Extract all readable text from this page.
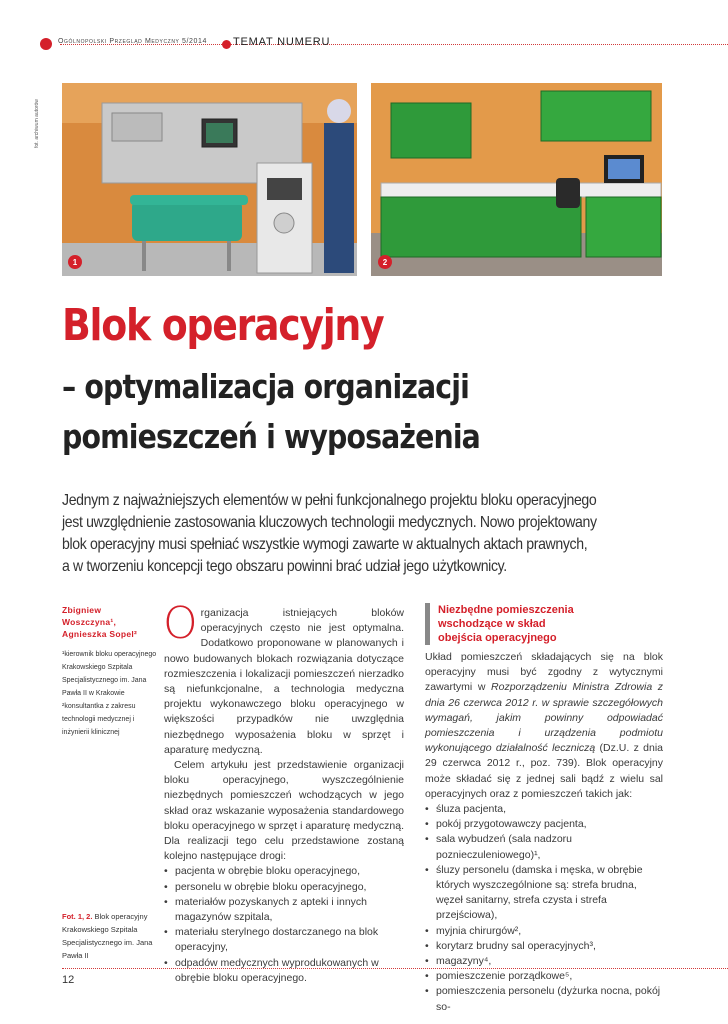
Ogólnopolski Przegląd Medyczny 5/2014 TEMAT NUMERU
fot. archiwum autorów
1	2
Blok operacyjny
– optymalizacja organizacji
pomieszczeń i wyposażenia
Jednym z najważniejszych elementów w pełni funkcjonalnego projektu bloku operacyjnego
jest uwzględnienie zastosowania kluczowych technologii medycznych. Nowo projektowany
blok operacyjny musi spełniać wszystkie wymogi zawarte w aktualnych aktach prawnych,
a w tworzeniu koncepcji tego obszaru powinni brać udział jego użytkownicy.
Zbigniew
Woszczyna¹,
Agnieszka Sopel²
¹kierownik bloku operacyjnego Krakowskiego Szpitala Specjalistycznego im. Jana Pawła II w Krakowie
²konsultantka z zakresu technologii medycznej i inżynierii klinicznej
Fot. 1, 2. Blok operacyjny Krakowskiego Szpitala Specjalistycznego im. Jana Pawła II

Organizacja istniejących bloków operacyjnych często nie jest optymalna. Dodatkowo proponowane w planowanych i nowo budowanych blokach rozwiązania dotyczące rozmieszczenia i lokalizacji pomieszczeń nierzadko są niefunkcjonalne, a technologia medyczna projektu wykonawczego bloku operacyjnego w większości przypadków nie uwzględnia niezbędnego wyposażenia bloku w sprzęt i aparaturę medyczną.

Celem artykułu jest przedstawienie organizacji bloku operacyjnego, wyszczególnienie niezbędnych pomieszczeń wchodzących w jego skład oraz wskazanie wyposażenia standardowego bloku operacyjnego w sprzęt i aparaturę medyczną. Dla realizacji tego celu przedstawione zostaną kolejno następujące drogi:

• pacjenta w obrębie bloku operacyjnego,
• personelu w obrębie bloku operacyjnego,
• materiałów pozyskanych z apteki i innych magazynów szpitala,
• materiału sterylnego dostarczanego na blok operacyjny,
• odpadów medycznych wyprodukowanych w obrębie bloku operacyjnego.
Niezbędne pomieszczenia
wschodzące w skład
obejścia operacyjnego

Układ pomieszczeń składających się na blok operacyjny musi być zgodny z wytycznymi zawartymi w Rozporządzeniu Ministra Zdrowia z dnia 26 czerwca 2012 r. w sprawie szczegółowych wymagań, jakim powinny odpowiadać pomieszczenia i urządzenia podmiotu wykonującego działalność leczniczą (Dz.U. z dnia 29 czerwca 2012 r., poz. 739). Blok operacyjny może składać się z jednej sali bądź z wielu sal operacyjnych oraz z pomieszczeń takich jak:

• śluza pacjenta,
• pokój przygotowawczy pacjenta,
• sala wybudzeń (sala nadzoru poznieczuleniowego)¹,
• śluzy personelu (damska i męska, w obrębie których wyszczególnione są: strefa brudna, węzeł sanitarny, strefa czysta i strefa przejściowa),
• myjnia chirurgów²,
• korytarz brudny sal operacyjnych³,
• magazyny⁴,
• pomieszczenie porządkowe⁵,
• pomieszczenia personelu (dyżurka nocna, pokój so-
12
